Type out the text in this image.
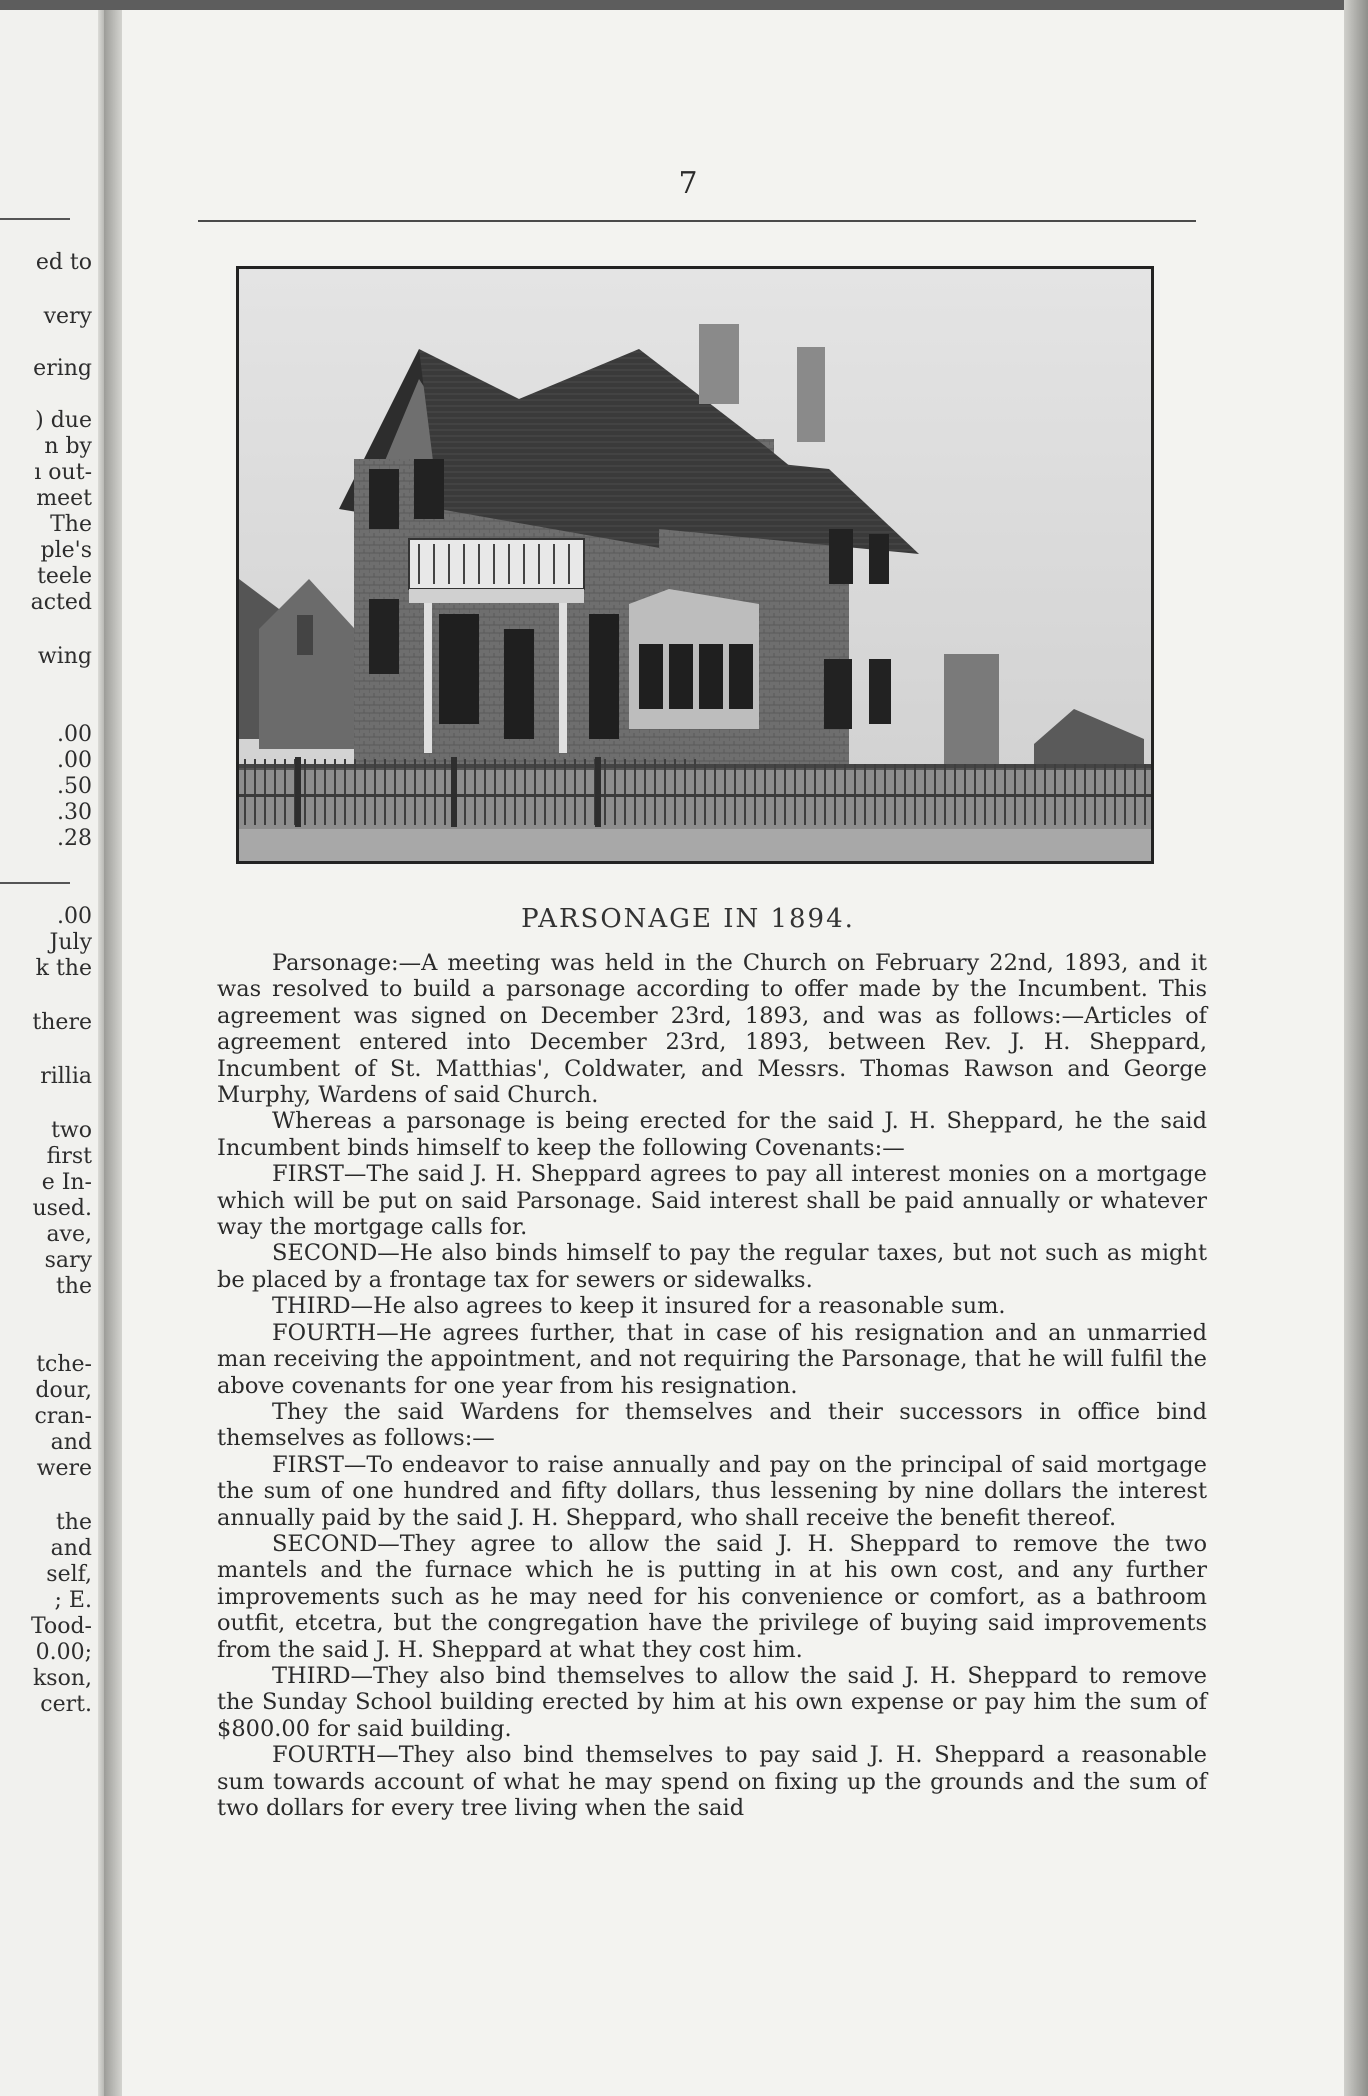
ed to
very
ering
) due
n by
ı out-
meet
The
ple's
teele
acted
wing
.00
.00
.50
.30
.28
.00
July
k the
there
rillia
two
first
e In-
used.
ave,
sary
the
tche-
dour,
cran-
and
were
the
and
self,
; E.
Tood-
0.00;
kson,
cert.
7
PARSONAGE IN 1894.

Parsonage:—A meeting was held in the Church on February 22nd, 1893, and it was resolved to build a parsonage according to offer made by the Incumbent. This agreement was signed on December 23rd, 1893, and was as follows:—Articles of agreement entered into December 23rd, 1893, between Rev. J. H. Sheppard, Incumbent of St. Matthias', Coldwater, and Messrs. Thomas Rawson and George Murphy, Wardens of said Church.

Whereas a parsonage is being erected for the said J. H. Sheppard, he the said Incumbent binds himself to keep the following Covenants:—

FIRST—The said J. H. Sheppard agrees to pay all interest monies on a mortgage which will be put on said Parsonage. Said interest shall be paid annually or whatever way the mortgage calls for.

SECOND—He also binds himself to pay the regular taxes, but not such as might be placed by a frontage tax for sewers or sidewalks.

THIRD—He also agrees to keep it insured for a reasonable sum.

FOURTH—He agrees further, that in case of his resignation and an unmarried man receiving the appointment, and not requiring the Parsonage, that he will fulfil the above covenants for one year from his resignation.

They the said Wardens for themselves and their successors in office bind themselves as follows:—

FIRST—To endeavor to raise annually and pay on the principal of said mortgage the sum of one hundred and fifty dollars, thus lessening by nine dollars the interest annually paid by the said J. H. Sheppard, who shall receive the benefit thereof.

SECOND—They agree to allow the said J. H. Sheppard to remove the two mantels and the furnace which he is putting in at his own cost, and any further improvements such as he may need for his convenience or comfort, as a bathroom outfit, etcetra, but the congregation have the privilege of buying said improvements from the said J. H. Sheppard at what they cost him.

THIRD—They also bind themselves to allow the said J. H. Sheppard to remove the Sunday School building erected by him at his own expense or pay him the sum of $800.00 for said building.

FOURTH—They also bind themselves to pay said J. H. Sheppard a reasonable sum towards account of what he may spend on fixing up the grounds and the sum of two dollars for every tree living when the said
